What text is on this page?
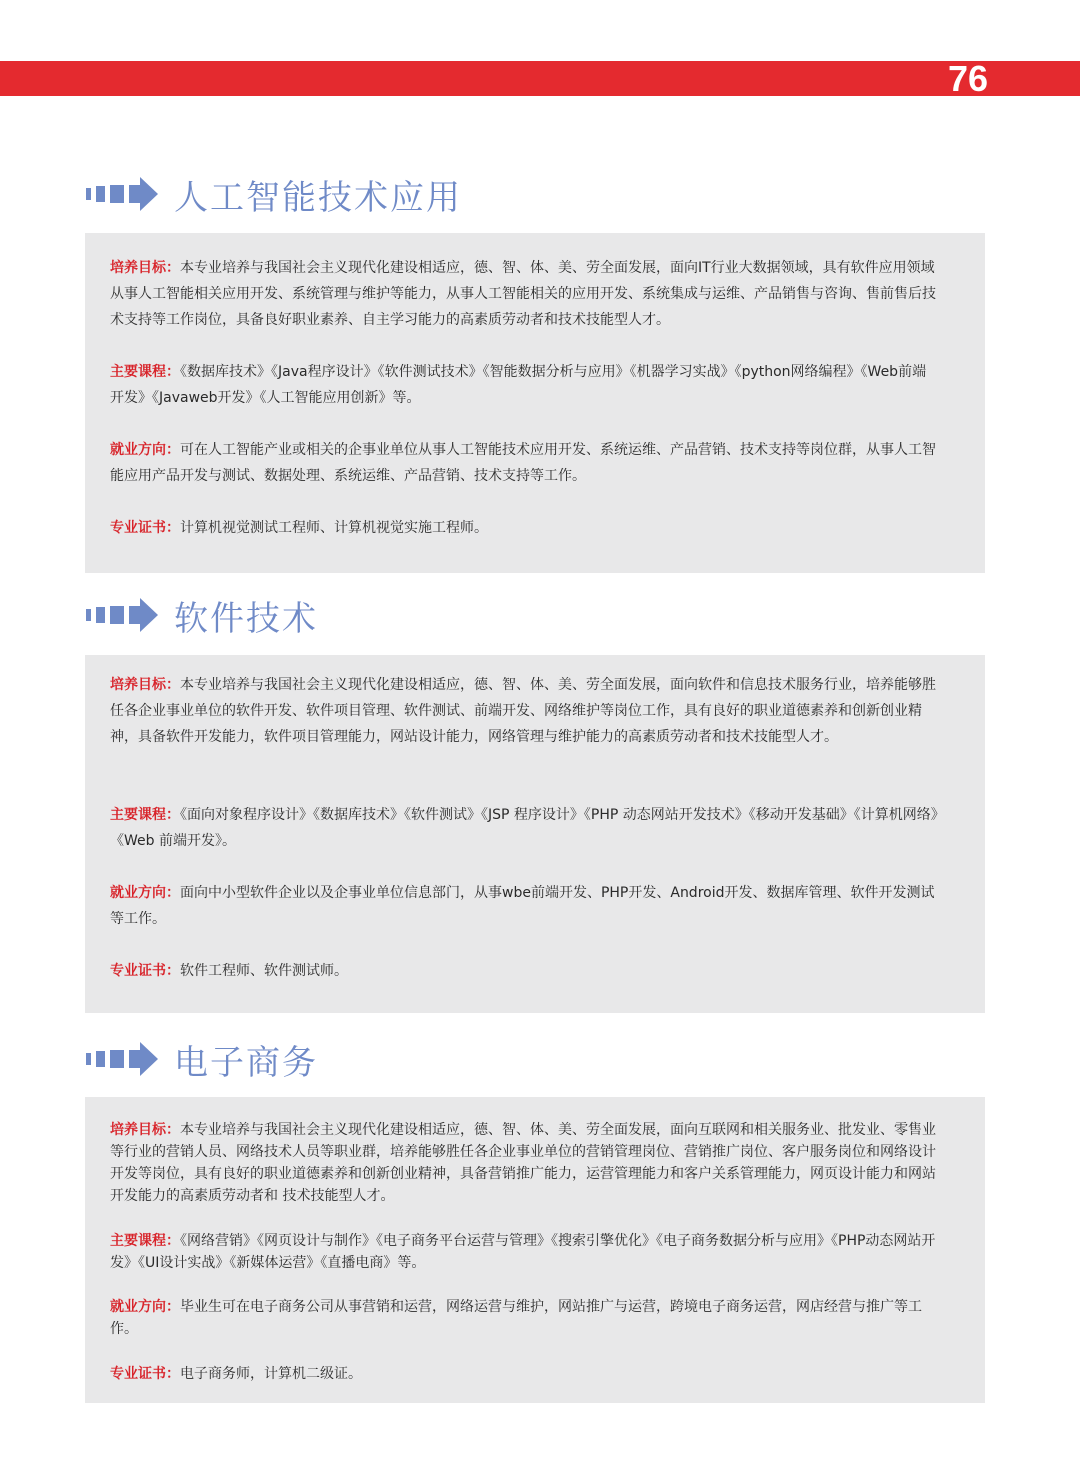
76
人工智能技术应用

培养目标：本专业培养与我国社会主义现代化建设相适应，德、智、体、美、劳全面发展，面向IT行业大数据领域，具有软件应用领域从事人工智能相关应用开发、系统管理与维护等能力，从事人工智能相关的应用开发、系统集成与运维、产品销售与咨询、售前售后技术支持等工作岗位，具备良好职业素养、自主学习能力的高素质劳动者和技术技能型人才。

主要课程：《数据库技术》《Java程序设计》《软件测试技术》《智能数据分析与应用》《机器学习实战》《python网络编程》《Web前端开发》《Javaweb开发》《人工智能应用创新》等。

就业方向：可在人工智能产业或相关的企事业单位从事人工智能技术应用开发、系统运维、产品营销、技术支持等岗位群，从事人工智能应用产品开发与测试、数据处理、系统运维、产品营销、技术支持等工作。

专业证书：计算机视觉测试工程师、计算机视觉实施工程师。

软件技术

培养目标：本专业培养与我国社会主义现代化建设相适应，德、智、体、美、劳全面发展，面向软件和信息技术服务行业，培养能够胜任各企业事业单位的软件开发、软件项目管理、软件测试、前端开发、网络维护等岗位工作，具有良好的职业道德素养和创新创业精神，具备软件开发能力，软件项目管理能力，网站设计能力，网络管理与维护能力的高素质劳动者和技术技能型人才。

主要课程：《面向对象程序设计》《数据库技术》《软件测试》《JSP 程序设计》《PHP 动态网站开发技术》《移动开发基础》《计算机网络》《Web 前端开发》。

就业方向：面向中小型软件企业以及企事业单位信息部门，从事wbe前端开发、PHP开发、Android开发、数据库管理、软件开发测试等工作。

专业证书：软件工程师、软件测试师。

电子商务

培养目标：本专业培养与我国社会主义现代化建设相适应，德、智、体、美、劳全面发展，面向互联网和相关服务业、批发业、零售业等行业的营销人员、网络技术人员等职业群，培养能够胜任各企业事业单位的营销管理岗位、营销推广岗位、客户服务岗位和网络设计开发等岗位，具有良好的职业道德素养和创新创业精神，具备营销推广能力，运营管理能力和客户关系管理能力，网页设计能力和网站开发能力的高素质劳动者和 技术技能型人才。

主要课程：《网络营销》《网页设计与制作》《电子商务平台运营与管理》《搜索引擎优化》《电子商务数据分析与应用》《PHP动态网站开发》《UI设计实战》《新媒体运营》《直播电商》等。

就业方向：毕业生可在电子商务公司从事营销和运营，网络运营与维护，网站推广与运营，跨境电子商务运营，网店经营与推广等工作。

专业证书：电子商务师，计算机二级证。
